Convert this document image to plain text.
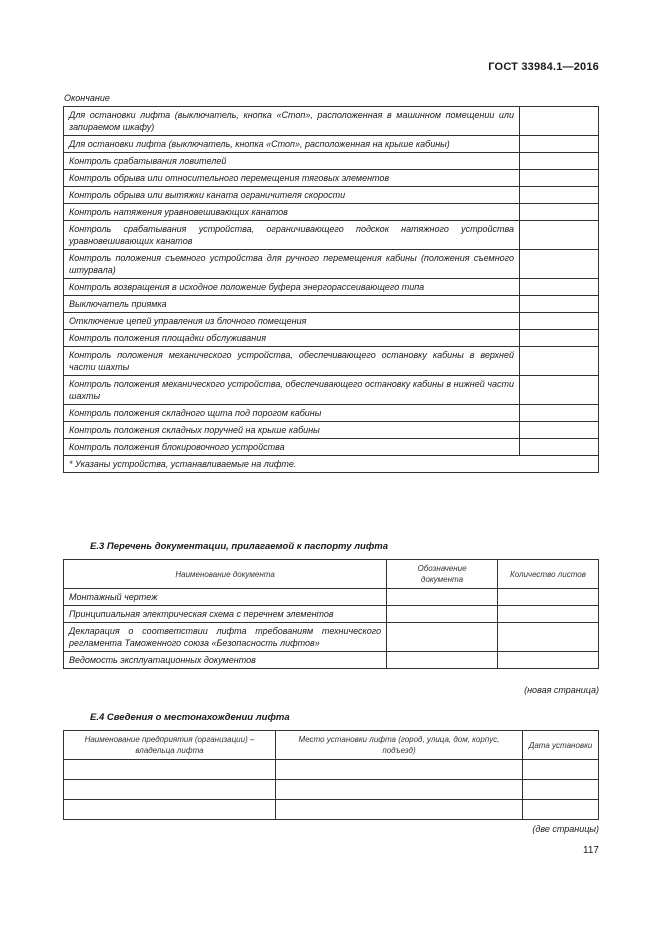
ГОСТ 33984.1—2016
Окончание
Для остановки лифта (выключатель, кнопка «Стоп», расположенная в машинном помещении или запираемом шкафу)	
Для остановки лифта (выключатель, кнопка «Стоп», расположенная на крыше кабины)	
Контроль срабатывания ловителей	
Контроль обрыва или относительного перемещения тяговых элементов	
Контроль обрыва или вытяжки каната ограничителя скорости	
Контроль натяжения уравновешивающих канатов	
Контроль срабатывания устройства, ограничивающего подскок натяжного устройства уравновешивающих канатов	
Контроль положения съемного устройства для ручного перемещения кабины (положения съемного штурвала)	
Контроль возвращения в исходное положение буфера энергорассеивающего типа	
Выключатель приямка	
Отключение цепей управления из блочного помещения	
Контроль положения площадки обслуживания	
Контроль положения механического устройства, обеспечивающего остановку кабины в верхней части шахты	
Контроль положения механического устройства, обеспечивающего остановку кабины в нижней части шахты	
Контроль положения складного щита под порогом кабины	
Контроль положения складных поручней на крыше кабины	
Контроль положения блокировочного устройства	
* Указаны устройства, устанавливаемые на лифте.	
Е.3 Перечень документации, прилагаемой к паспорту лифта
Наименование документа	Обозначение документа	Количество листов
Монтажный чертеж		
Принципиальная электрическая схема с перечнем элементов		
Декларация о соответствии лифта требованиям технического регламента Таможенного союза «Безопасность лифтов»		
Ведомость эксплуатационных документов		
(новая страница)
Е.4 Сведения о местонахождении лифта
Наименование предприятия (организации) – владельца лифта	Место установки лифта (город, улица, дом, корпус, подъезд)	Дата установки

(две страницы)
117
